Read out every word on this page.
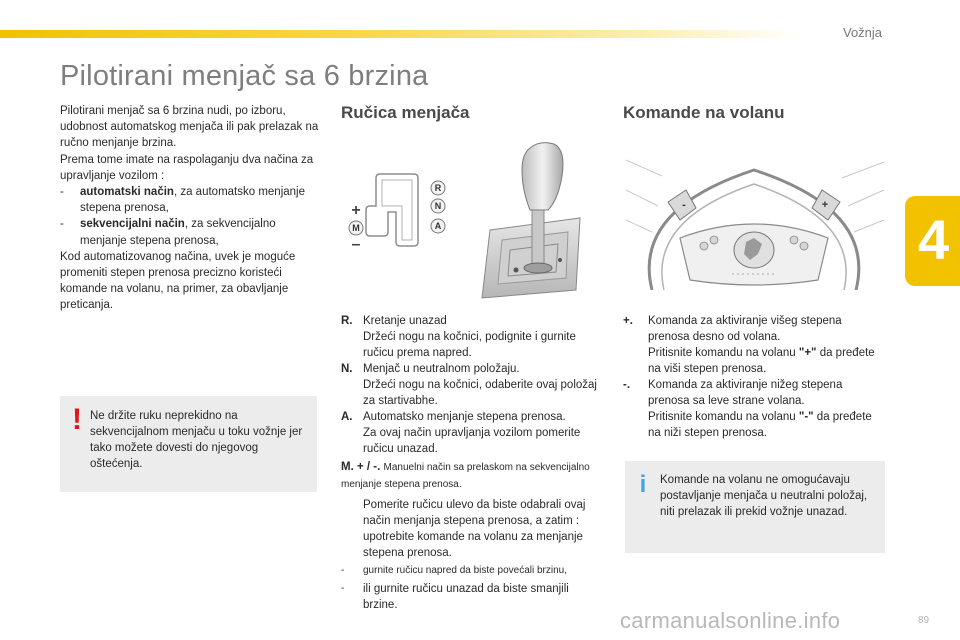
Vožnja
4
Pilotirani menjač sa 6 brzina

Pilotirani menjač sa 6 brzina nudi, po izboru, udobnost automatskog menjača ili pak prelazak na ručno menjanje brzina.

Prema tome imate na raspolaganju dva načina za upravljanje vozilom :

-	automatski način, za automatsko menjanje stepena prenosa,
-	sekvencijalni način, za sekvencijalno menjanje stepena prenosa,

Kod automatizovanog načina, uvek je moguće promeniti stepen prenosa precizno koristeći komande na volanu, na primer, za obavljanje preticanja.

! Ne držite ruku neprekidno na sekvencijalnom menjaču u toku vožnje jer tako možete dovesti do njegovog oštećenja.
Ručica menjača	Komande na volanu
R
N
A
M
+
–
-	+
R. Kretanje unazad
Držeći nogu na kočnici, podignite i gurnite ručicu prema napred.
N. Menjač u neutralnom položaju.
Držeći nogu na kočnici, odaberite ovaj položaj za startivabhe.
A. Automatsko menjanje stepena prenosa.
Za ovaj način upravljanja vozilom pomerite ručicu unazad.
M. + / -. Manuelni način sa prelaskom na sekvencijalno menjanje stepena prenosa.
Pomerite ručicu ulevo da biste odabrali ovaj način menjanja stepena prenosa, a zatim : upotrebite komande na volanu za menjanje stepena prenosa.
-	gurnite ručicu napred da biste povećali brzinu,
-	ili gurnite ručicu unazad da biste smanjili brzine.
+.	Komanda za aktiviranje višeg stepena prenosa desno od volana.
Pritisnite komandu na volanu "+" da pređete na viši stepen prenosa.
-.	Komanda za aktiviranje nižeg stepena prenosa sa leve strane volana.
Pritisnite komandu na volanu "-" da pređete na niži stepen prenosa.
i Komande na volanu ne omogućavaju postavljanje menjača u neutralni položaj, niti prelazak ili prekid vožnje unazad.
carmanualsonline.info	89
